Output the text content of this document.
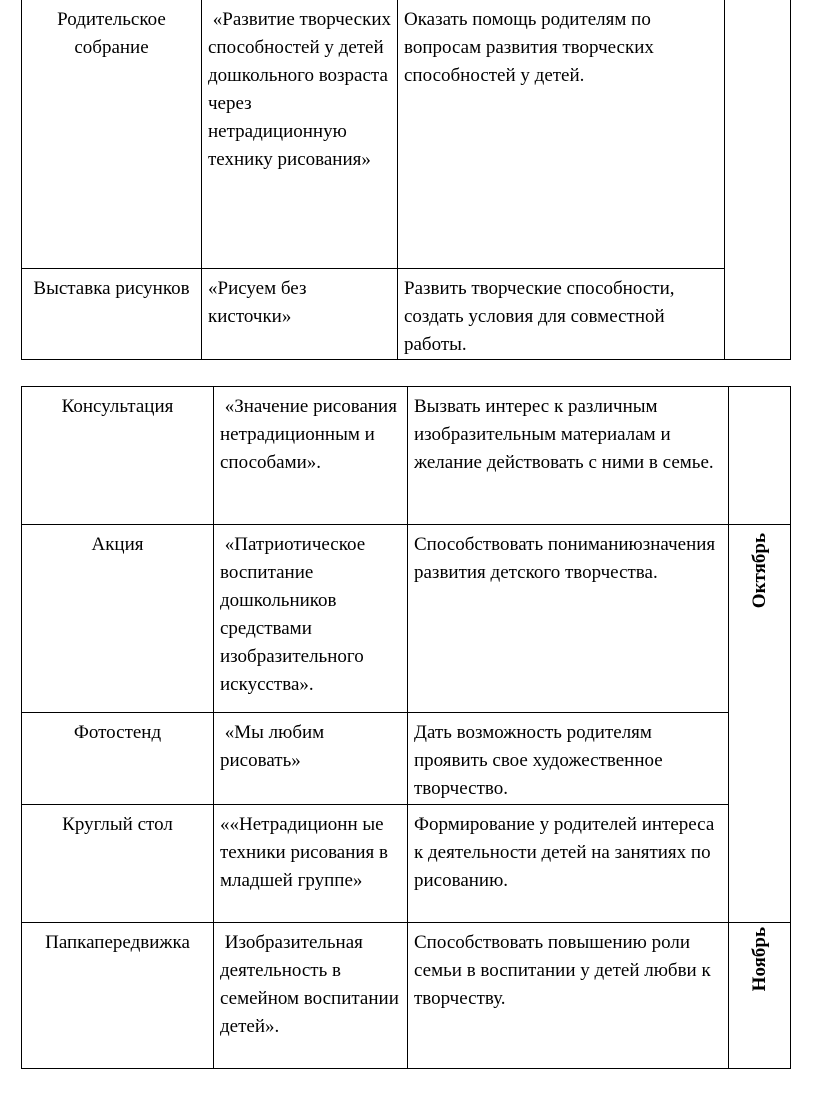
Родительское собрание	«Развитие творческих способностей у детей дошкольного возраста через нетрадиционную технику рисования»	Оказать помощь родителям по вопросам развития творческих способностей у детей.	
Выставка рисунков	«Рисуем без кисточки»	Развить творческие способности, создать условия для совместной работы.	
Консультация	«Значение рисования нетрадиционным и способами».	Вызвать интерес к различным изобразительным материалам и желание действовать с ними в семье.	
Акция	«Патриотическое воспитание дошкольников средствами изобразительного искусства».	Способствовать пониманиюзначения развития детского творчества.	Октябрь

Фотостенд	«Мы любим рисовать»	Дать возможность родителям проявить свое художественное творчество.	
Круглый стол	««Нетрадиционн ые техники рисования в младшей группе»	Формирование у родителей интереса к деятельности детей на занятиях по рисованию.	
Папкапередвижка	Изобразительная деятельность в семейном воспитании детей».	Способствовать повышению роли семьи в воспитании у детей любви к творчеству.	Ноябрь
